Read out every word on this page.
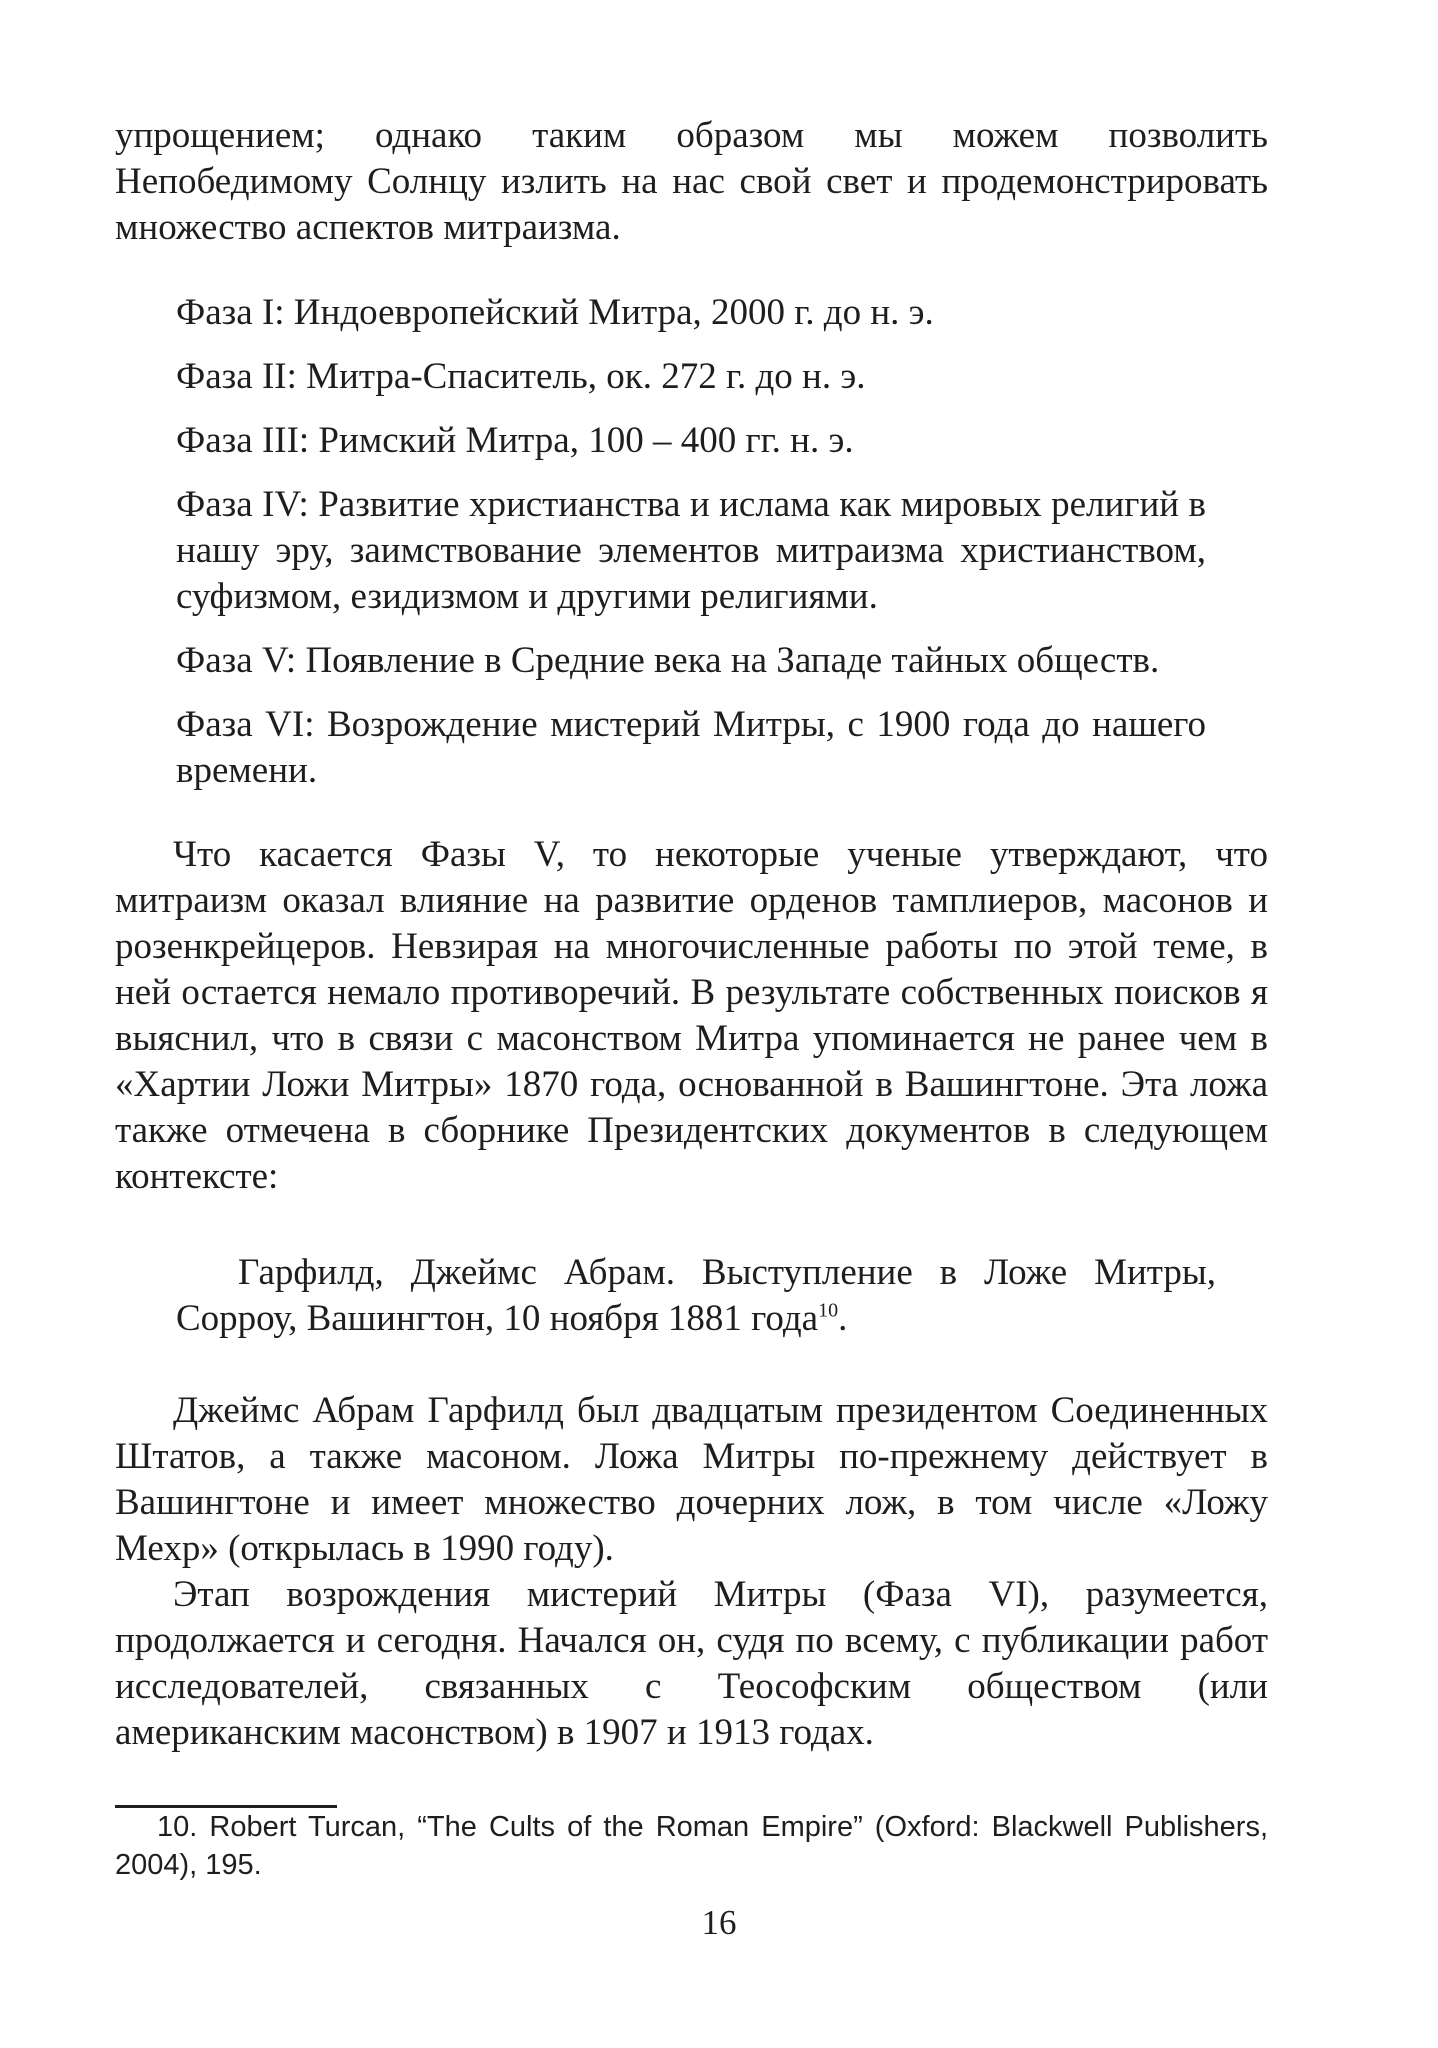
упрощением; однако таким образом мы можем позволить Непобедимому Солнцу излить на нас свой свет и продемонстрировать множество аспектов митраизма.

Фаза I: Индоевропейский Митра, 2000 г. до н. э.
Фаза II: Митра-Спаситель, ок. 272 г. до н. э.
Фаза III: Римский Митра, 100 – 400 гг. н. э.
Фаза IV: Развитие христианства и ислама как мировых религий в нашу эру, заимствование элементов митраизма христианством, суфизмом, езидизмом и другими религиями.
Фаза V: Появление в Средние века на Западе тайных обществ.
Фаза VI: Возрождение мистерий Митры, с 1900 года до нашего времени.

Что касается Фазы V, то некоторые ученые утверждают, что митраизм оказал влияние на развитие орденов тамплиеров, масонов и розенкрейцеров. Невзирая на многочисленные работы по этой теме, в ней остается немало противоречий. В результате собственных поисков я выяснил, что в связи с масонством Митра упоминается не ранее чем в «Хартии Ложи Митры» 1870 года, основанной в Вашингтоне. Эта ложа также отмечена в сборнике Президентских документов в следующем контексте:

Гарфилд, Джеймс Абрам. Выступление в Ложе Митры, Сорроу, Вашингтон, 10 ноября 1881 года$^{10}$.

Джеймс Абрам Гарфилд был двадцатым президентом Соединенных Штатов, а также масоном. Ложа Митры по-прежнему действует в Вашингтоне и имеет множество дочерних лож, в том числе «Ложу Мехр» (открылась в 1990 году).

Этап возрождения мистерий Митры (Фаза VI), разумеется, продолжается и сегодня. Начался он, судя по всему, с публикации работ исследователей, связанных с Теософским обществом (или американским масонством) в 1907 и 1913 годах.

10. Robert Turcan, “The Cults of the Roman Empire” (Oxford: Blackwell Publishers, 2004), 195.

16
